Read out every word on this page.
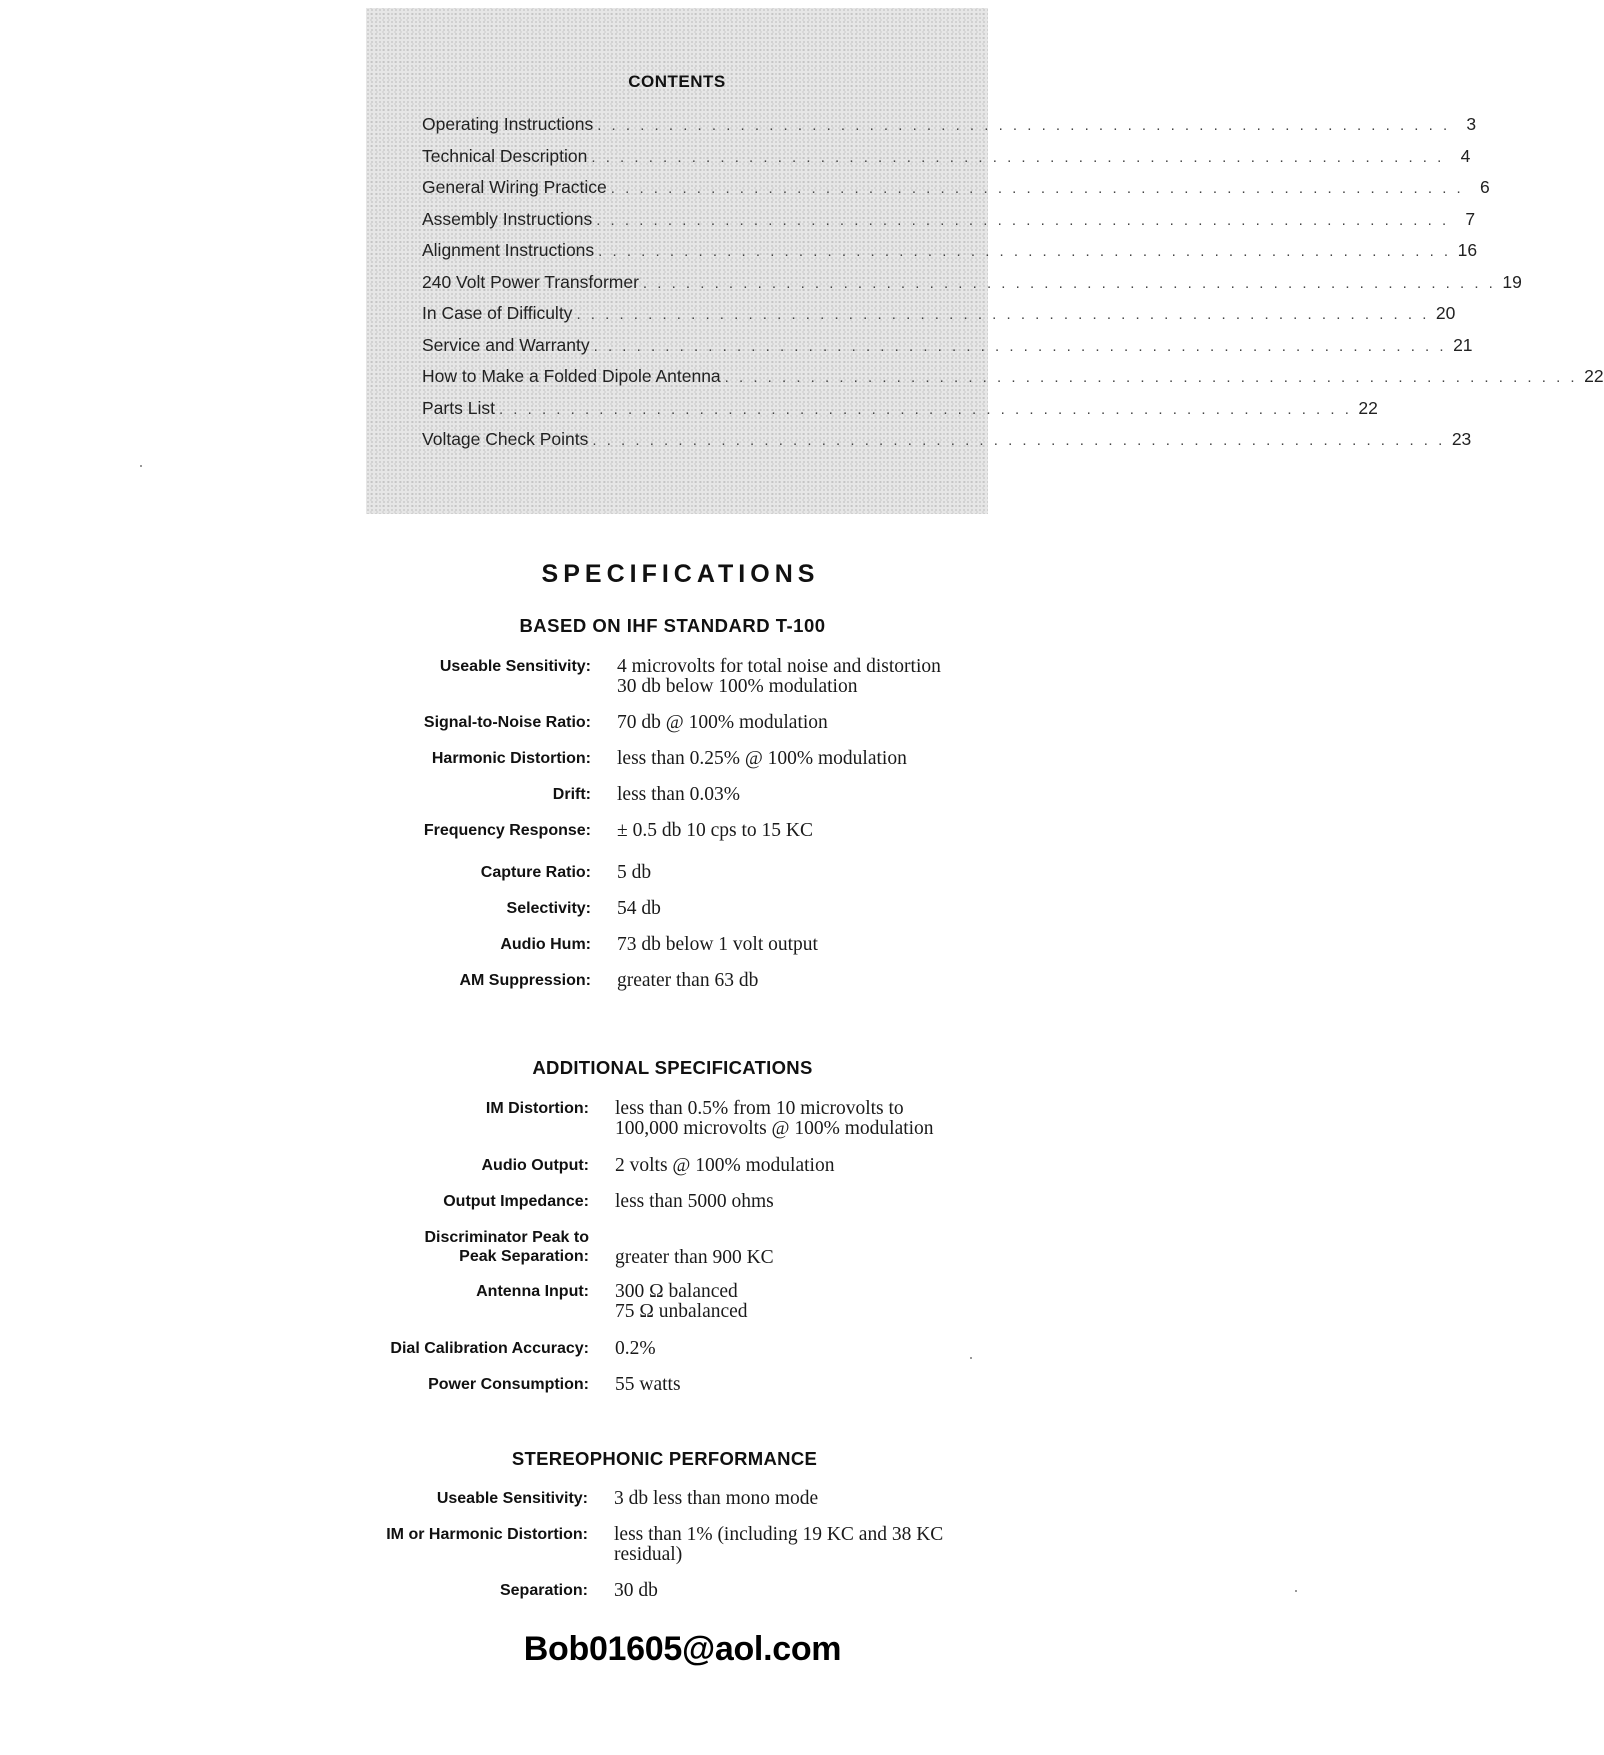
CONTENTS
Operating Instructions . . . . . . . . . . . . . . . . . . . . . . . . . . . . . . . . . . . . . . . . . . . . . . . . . . . . . . . . . . . . 3
Technical Description . . . . . . . . . . . . . . . . . . . . . . . . . . . . . . . . . . . . . . . . . . . . . . . . . . . . . . . . . . . . 4
General Wiring Practice . . . . . . . . . . . . . . . . . . . . . . . . . . . . . . . . . . . . . . . . . . . . . . . . . . . . . . . . . . . . 6
Assembly Instructions . . . . . . . . . . . . . . . . . . . . . . . . . . . . . . . . . . . . . . . . . . . . . . . . . . . . . . . . . . . . 7
Alignment Instructions . . . . . . . . . . . . . . . . . . . . . . . . . . . . . . . . . . . . . . . . . . . . . . . . . . . . . . . . . . . . 16
240 Volt Power Transformer . . . . . . . . . . . . . . . . . . . . . . . . . . . . . . . . . . . . . . . . . . . . . . . . . . . . . . . . . . . . 19
In Case of Difficulty . . . . . . . . . . . . . . . . . . . . . . . . . . . . . . . . . . . . . . . . . . . . . . . . . . . . . . . . . . . . 20
Service and Warranty . . . . . . . . . . . . . . . . . . . . . . . . . . . . . . . . . . . . . . . . . . . . . . . . . . . . . . . . . . . . 21
How to Make a Folded Dipole Antenna . . . . . . . . . . . . . . . . . . . . . . . . . . . . . . . . . . . . . . . . . . . . . . . . . . . . . . . . . . . . 22
Parts List . . . . . . . . . . . . . . . . . . . . . . . . . . . . . . . . . . . . . . . . . . . . . . . . . . . . . . . . . . . . 22
Voltage Check Points . . . . . . . . . . . . . . . . . . . . . . . . . . . . . . . . . . . . . . . . . . . . . . . . . . . . . . . . . . . . 23
SPECIFICATIONS
BASED ON IHF STANDARD T-100
Useable Sensitivity: 4 microvolts for total noise and distortion
30 db below 100% modulation
Signal-to-Noise Ratio: 70 db @ 100% modulation
Harmonic Distortion: less than 0.25% @ 100% modulation
Drift: less than 0.03%
Frequency Response: ± 0.5 db 10 cps to 15 KC
Capture Ratio: 5 db
Selectivity: 54 db
Audio Hum: 73 db below 1 volt output
AM Suppression: greater than 63 db
ADDITIONAL SPECIFICATIONS
IM Distortion: less than 0.5% from 10 microvolts to
100,000 microvolts @ 100% modulation
Audio Output: 2 volts @ 100% modulation
Output Impedance: less than 5000 ohms
Discriminator Peak to
Peak Separation: greater than 900 KC
Antenna Input: 300 Ω balanced
75 Ω unbalanced
Dial Calibration Accuracy: 0.2%
Power Consumption: 55 watts
STEREOPHONIC PERFORMANCE
Useable Sensitivity: 3 db less than mono mode
IM or Harmonic Distortion: less than 1% (including 19 KC and 38 KC
residual)
Separation: 30 db
Bob01605@aol.com
